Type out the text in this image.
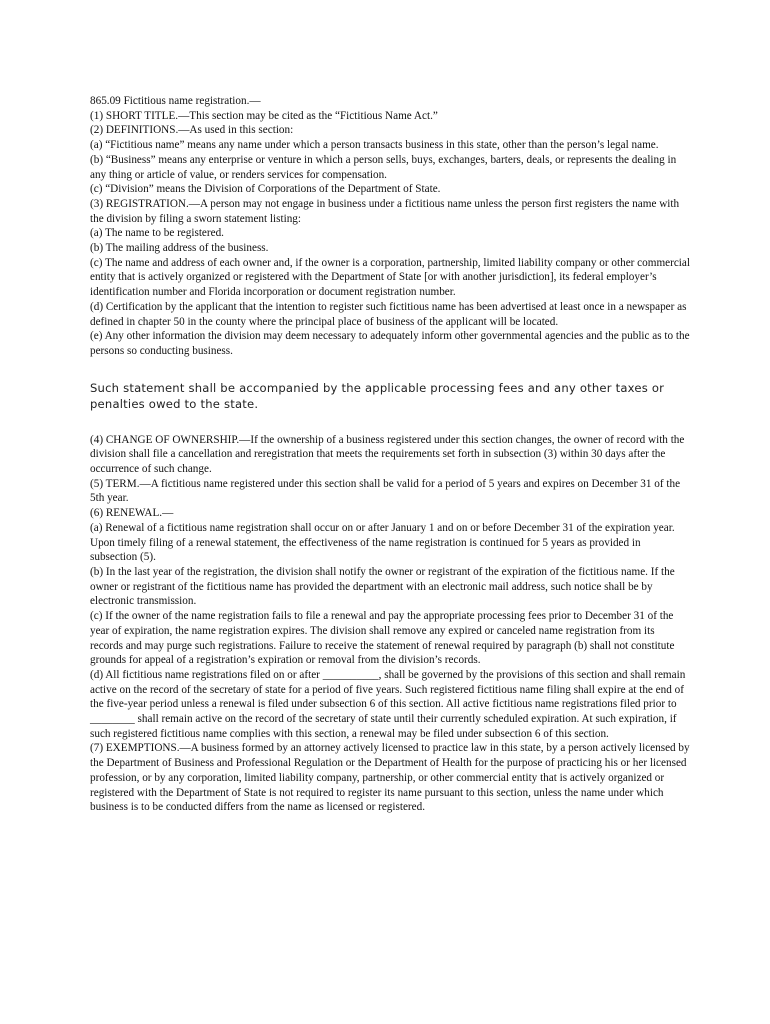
865.09 Fictitious name registration.—

(1) SHORT TITLE.—This section may be cited as the “Fictitious Name Act.”

(2) DEFINITIONS.—As used in this section:

(a) “Fictitious name” means any name under which a person transacts business in this state, other than the person’s legal name.

(b) “Business” means any enterprise or venture in which a person sells, buys, exchanges, barters, deals, or represents the dealing in any thing or article of value, or renders services for compensation.

(c) “Division” means the Division of Corporations of the Department of State.

(3) REGISTRATION.—A person may not engage in business under a fictitious name unless the person first registers the name with the division by filing a sworn statement listing:

(a) The name to be registered.

(b) The mailing address of the business.

(c) The name and address of each owner and, if the owner is a corporation, partnership, limited liability company or other commercial entity that is actively organized or registered with the Department of State [or with another jurisdiction], its federal employer’s identification number and Florida incorporation or document registration number.

(d) Certification by the applicant that the intention to register such fictitious name has been advertised at least once in a newspaper as defined in chapter 50 in the county where the principal place of business of the applicant will be located.

(e) Any other information the division may deem necessary to adequately inform other governmental agencies and the public as to the persons so conducting business.

Such statement shall be accompanied by the applicable processing fees and any other taxes or penalties owed to the state.

(4) CHANGE OF OWNERSHIP.—If the ownership of a business registered under this section changes, the owner of record with the division shall file a cancellation and reregistration that meets the requirements set forth in subsection (3) within 30 days after the occurrence of such change.

(5) TERM.—A fictitious name registered under this section shall be valid for a period of 5 years and expires on December 31 of the 5th year.

(6) RENEWAL.—

(a) Renewal of a fictitious name registration shall occur on or after January 1 and on or before December 31 of the expiration year. Upon timely filing of a renewal statement, the effectiveness of the name registration is continued for 5 years as provided in subsection (5).

(b) In the last year of the registration, the division shall notify the owner or registrant of the expiration of the fictitious name. If the owner or registrant of the fictitious name has provided the department with an electronic mail address, such notice shall be by electronic transmission.

(c) If the owner of the name registration fails to file a renewal and pay the appropriate processing fees prior to December 31 of the year of expiration, the name registration expires. The division shall remove any expired or canceled name registration from its records and may purge such registrations. Failure to receive the statement of renewal required by paragraph (b) shall not constitute grounds for appeal of a registration’s expiration or removal from the division’s records.

(d) All fictitious name registrations filed on or after __________, shall be governed by the provisions of this section and shall remain active on the record of the secretary of state for a period of five years. Such registered fictitious name filing shall expire at the end of the five-year period unless a renewal is filed under subsection 6 of this section. All active fictitious name registrations filed prior to ________ shall remain active on the record of the secretary of state until their currently scheduled expiration. At such expiration, if such registered fictitious name complies with this section, a renewal may be filed under subsection 6 of this section.

(7) EXEMPTIONS.—A business formed by an attorney actively licensed to practice law in this state, by a person actively licensed by the Department of Business and Professional Regulation or the Department of Health for the purpose of practicing his or her licensed profession, or by any corporation, limited liability company, partnership, or other commercial entity that is actively organized or registered with the Department of State is not required to register its name pursuant to this section, unless the name under which business is to be conducted differs from the name as licensed or registered.
